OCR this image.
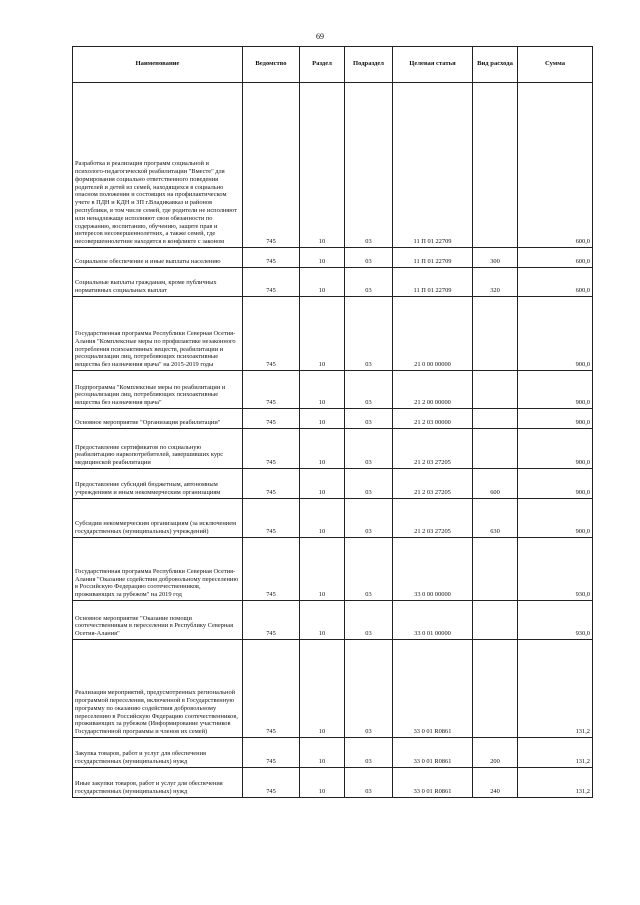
69
Наименование	Ведомство	Раздел	Подраздел	Целевая статья	Вид расхода	Сумма
Разработка и реализация программ социальной и психолого-педагогической реабилитации "Вместе" для формирования социально ответственного поведения родителей и детей из семей, находящихся в социально опасном положении и состоящих на профилактическом учете в ПДН и КДН и ЗП г.Владикавказ и районов республики, в том числе семей, где родители не исполняют или ненадлежаще исполняют свои обязанности по содержанию, воспитанию, обучению, защите прав и интересов несовершеннолетних, а также семей, где несовершеннолетние находятся в конфликте с законом	745	10	03	11 П 01 22709		600,0
Социальное обеспечение и иные выплаты населению	745	10	03	11 П 01 22709	300	600,0
Социальные выплаты гражданам, кроме публичных нормативных социальных выплат	745	10	03	11 П 01 22709	320	600,0
Государственная программа Республики Северная Осетия-Алания "Комплексные меры по профилактике незаконного потребления психоактивных веществ, реабилитации и ресоциализации лиц, потребляющих психоактивные вещества без назначения врача" на 2015-2019 годы	745	10	03	21 0 00 00000		900,0
Подпрограмма "Комплексные меры по реабилитации и ресоциализации лиц, потребляющих психоактивные вещества без назначения врача"	745	10	03	21 2 00 00000		900,0
Основное мероприятие "Организация реабилитации"	745	10	03	21 2 03 00000		900,0
Предоставление сертификатов по социальную реабилитацию наркопотребителей, завершивших курс медицинской реабилитации	745	10	03	21 2 03 27205		900,0
Предоставление субсидий бюджетным, автономным учреждениям и иным некоммерческим организациям	745	10	03	21 2 03 27205	600	900,0
Субсидии некоммерческим организациям (за исключением государственных (муниципальных) учреждений)	745	10	03	21 2 03 27205	630	900,0
Государственная программа Республики Северная Осетия-Алания "Оказание содействия добровольному переселению в Российскую Федерацию соотечественников, проживающих за рубежом" на 2019 год	745	10	03	33 0 00 00000		930,0
Основное мероприятие "Оказание помощи соотечественникам в переселении в Республику Северная Осетия-Алания"	745	10	03	33 0 01 00000		930,0
Реализация мероприятий, предусмотренных региональной программой переселения, включенной в Государственную программу по оказанию содействия добровольному переселению в Российскую Федерацию соотечественников, проживающих за рубежом (Информирование участников Государственной программы и членов их семей)	745	10	03	33 0 01 R0861		131,2
Закупка товаров, работ и услуг для обеспечения государственных (муниципальных) нужд	745	10	03	33 0 01 R0861	200	131,2
Иные закупки товаров, работ и услуг для обеспечения государственных (муниципальных) нужд	745	10	03	33 0 01 R0861	240	131,2
